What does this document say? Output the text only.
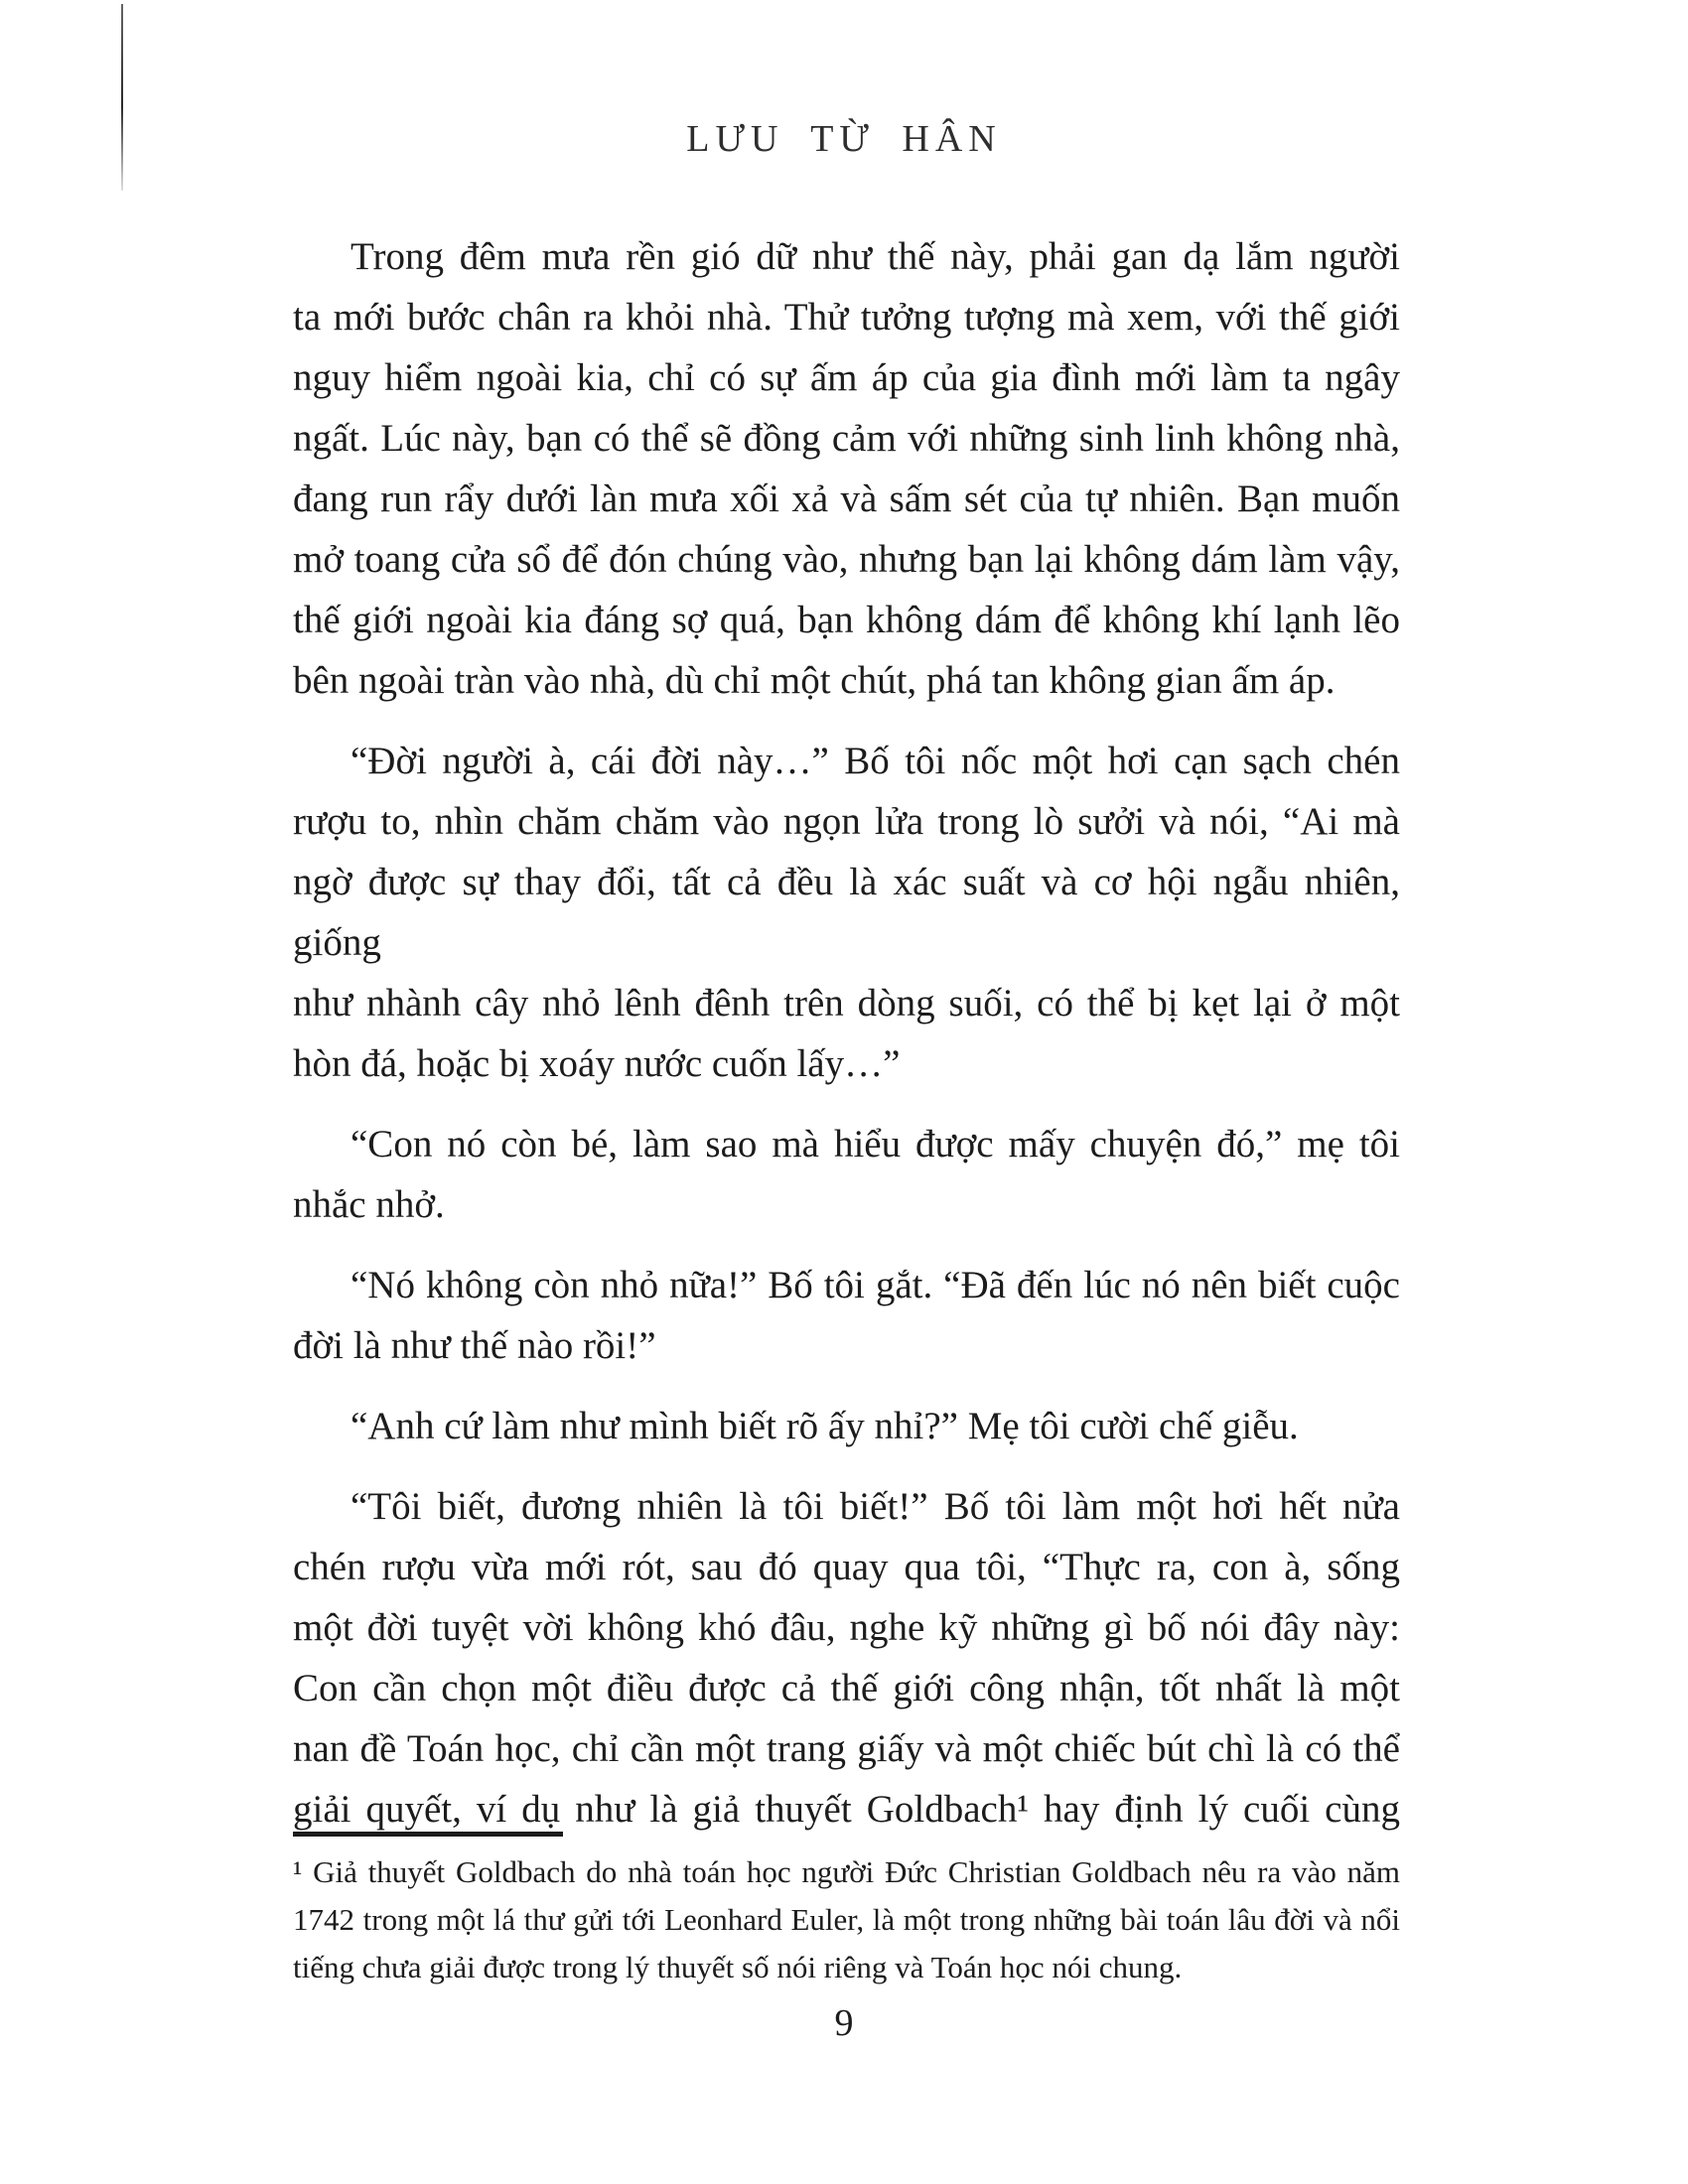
LƯU TỪ HÂN
Trong đêm mưa rền gió dữ như thế này, phải gan dạ lắm người
ta mới bước chân ra khỏi nhà. Thử tưởng tượng mà xem, với thế giới
nguy hiểm ngoài kia, chỉ có sự ấm áp của gia đình mới làm ta ngây
ngất. Lúc này, bạn có thể sẽ đồng cảm với những sinh linh không nhà,
đang run rẩy dưới làn mưa xối xả và sấm sét của tự nhiên. Bạn muốn
mở toang cửa sổ để đón chúng vào, nhưng bạn lại không dám làm vậy,
thế giới ngoài kia đáng sợ quá, bạn không dám để không khí lạnh lẽo
bên ngoài tràn vào nhà, dù chỉ một chút, phá tan không gian ấm áp.
“Đời người à, cái đời này…” Bố tôi nốc một hơi cạn sạch chén
rượu to, nhìn chăm chăm vào ngọn lửa trong lò sưởi và nói, “Ai mà
ngờ được sự thay đổi, tất cả đều là xác suất và cơ hội ngẫu nhiên, giống
như nhành cây nhỏ lênh đênh trên dòng suối, có thể bị kẹt lại ở một
hòn đá, hoặc bị xoáy nước cuốn lấy…”
“Con nó còn bé, làm sao mà hiểu được mấy chuyện đó,” mẹ tôi
nhắc nhở.
“Nó không còn nhỏ nữa!” Bố tôi gắt. “Đã đến lúc nó nên biết cuộc
đời là như thế nào rồi!”
“Anh cứ làm như mình biết rõ ấy nhỉ?” Mẹ tôi cười chế giễu.
“Tôi biết, đương nhiên là tôi biết!” Bố tôi làm một hơi hết nửa
chén rượu vừa mới rót, sau đó quay qua tôi, “Thực ra, con à, sống
một đời tuyệt vời không khó đâu, nghe kỹ những gì bố nói đây này:
Con cần chọn một điều được cả thế giới công nhận, tốt nhất là một
nan đề Toán học, chỉ cần một trang giấy và một chiếc bút chì là có thể
giải quyết, ví dụ như là giả thuyết Goldbach¹ hay định lý cuối cùng
¹ Giả thuyết Goldbach do nhà toán học người Đức Christian Goldbach nêu ra vào năm
1742 trong một lá thư gửi tới Leonhard Euler, là một trong những bài toán lâu đời và nổi
tiếng chưa giải được trong lý thuyết số nói riêng và Toán học nói chung.
9
